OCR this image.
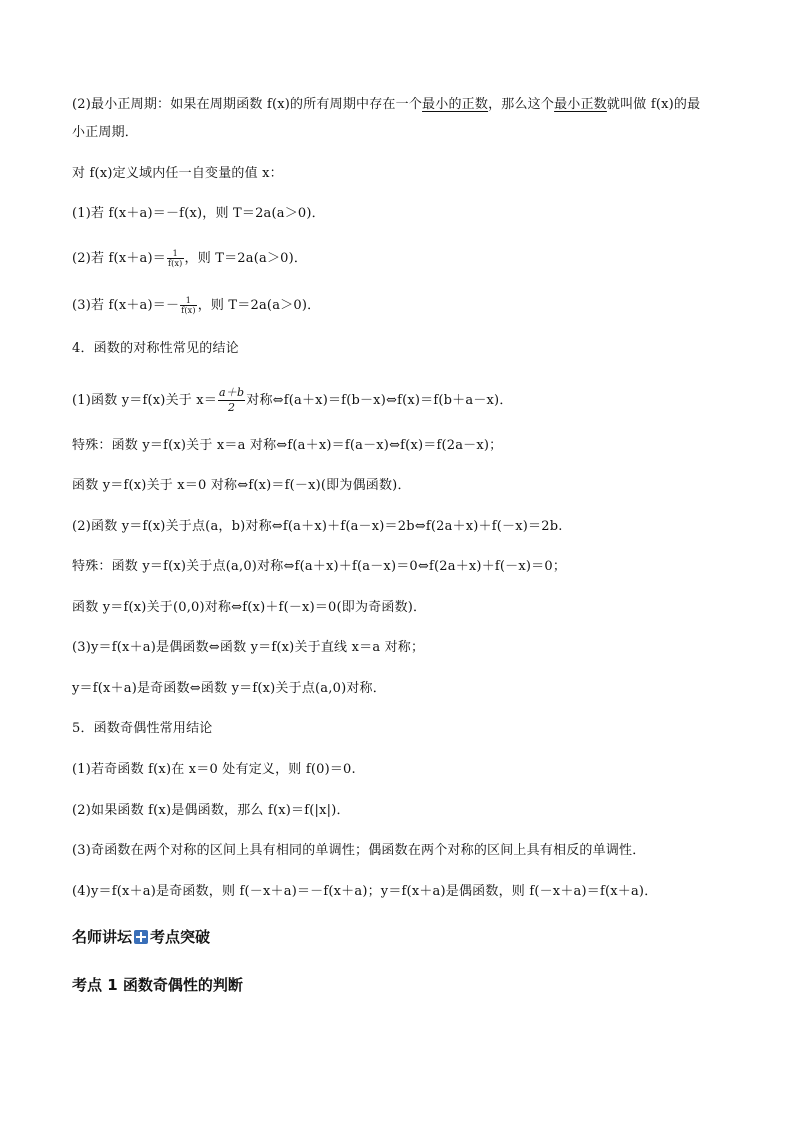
(2)最小正周期：如果在周期函数 f(x)的所有周期中存在一个最小的正数，那么这个最小正数就叫做 f(x)的最
小正周期．
对 f(x)定义域内任一自变量的值 x：
(1)若 f(x＋a)＝－f(x)，则 T＝2a(a＞0)．
(2)若 $f(x+a)= \frac{1}{f(x)}$ ，则 T＝2a(a＞0)．
(3)若 $f(x+a)=- \frac{1}{f(x)}$ ，则 T＝2a(a＞0)．
4．函数的对称性常见的结论
(1)函数 y＝f(x)关于 $x= \frac{a+b}{2}$ 对称⇔f(a＋x)＝f(b－x)⇔f(x)＝f(b＋a－x)．
特殊：函数 y＝f(x)关于 x＝a 对称⇔f(a＋x)＝f(a－x)⇔f(x)＝f(2a－x)；
函数 y＝f(x)关于 x＝0 对称⇔f(x)＝f(－x)(即为偶函数)．
(2)函数 y＝f(x)关于点(a，b)对称⇔f(a＋x)＋f(a－x)＝2b⇔f(2a＋x)＋f(－x)＝2b.
特殊：函数 y＝f(x)关于点(a,0)对称⇔f(a＋x)＋f(a－x)＝0⇔f(2a＋x)＋f(－x)＝0；
函数 y＝f(x)关于(0,0)对称⇔f(x)＋f(－x)＝0(即为奇函数)．
(3)y＝f(x＋a)是偶函数⇔函数 y＝f(x)关于直线 x＝a 对称；
y＝f(x＋a)是奇函数⇔函数 y＝f(x)关于点(a,0)对称．
5．函数奇偶性常用结论
(1)若奇函数 f(x)在 x＝0 处有定义，则 f(0)＝0.
(2)如果函数 f(x)是偶函数，那么 f(x)＝f(|x|)．
(3)奇函数在两个对称的区间上具有相同的单调性；偶函数在两个对称的区间上具有相反的单调性．
(4)y＝f(x＋a)是奇函数，则 f(－x＋a)＝－f(x＋a)；y＝f(x＋a)是偶函数，则 f(－x＋a)＝f(x＋a)．
名师讲坛 考点突破
考点 1 函数奇偶性的判断
